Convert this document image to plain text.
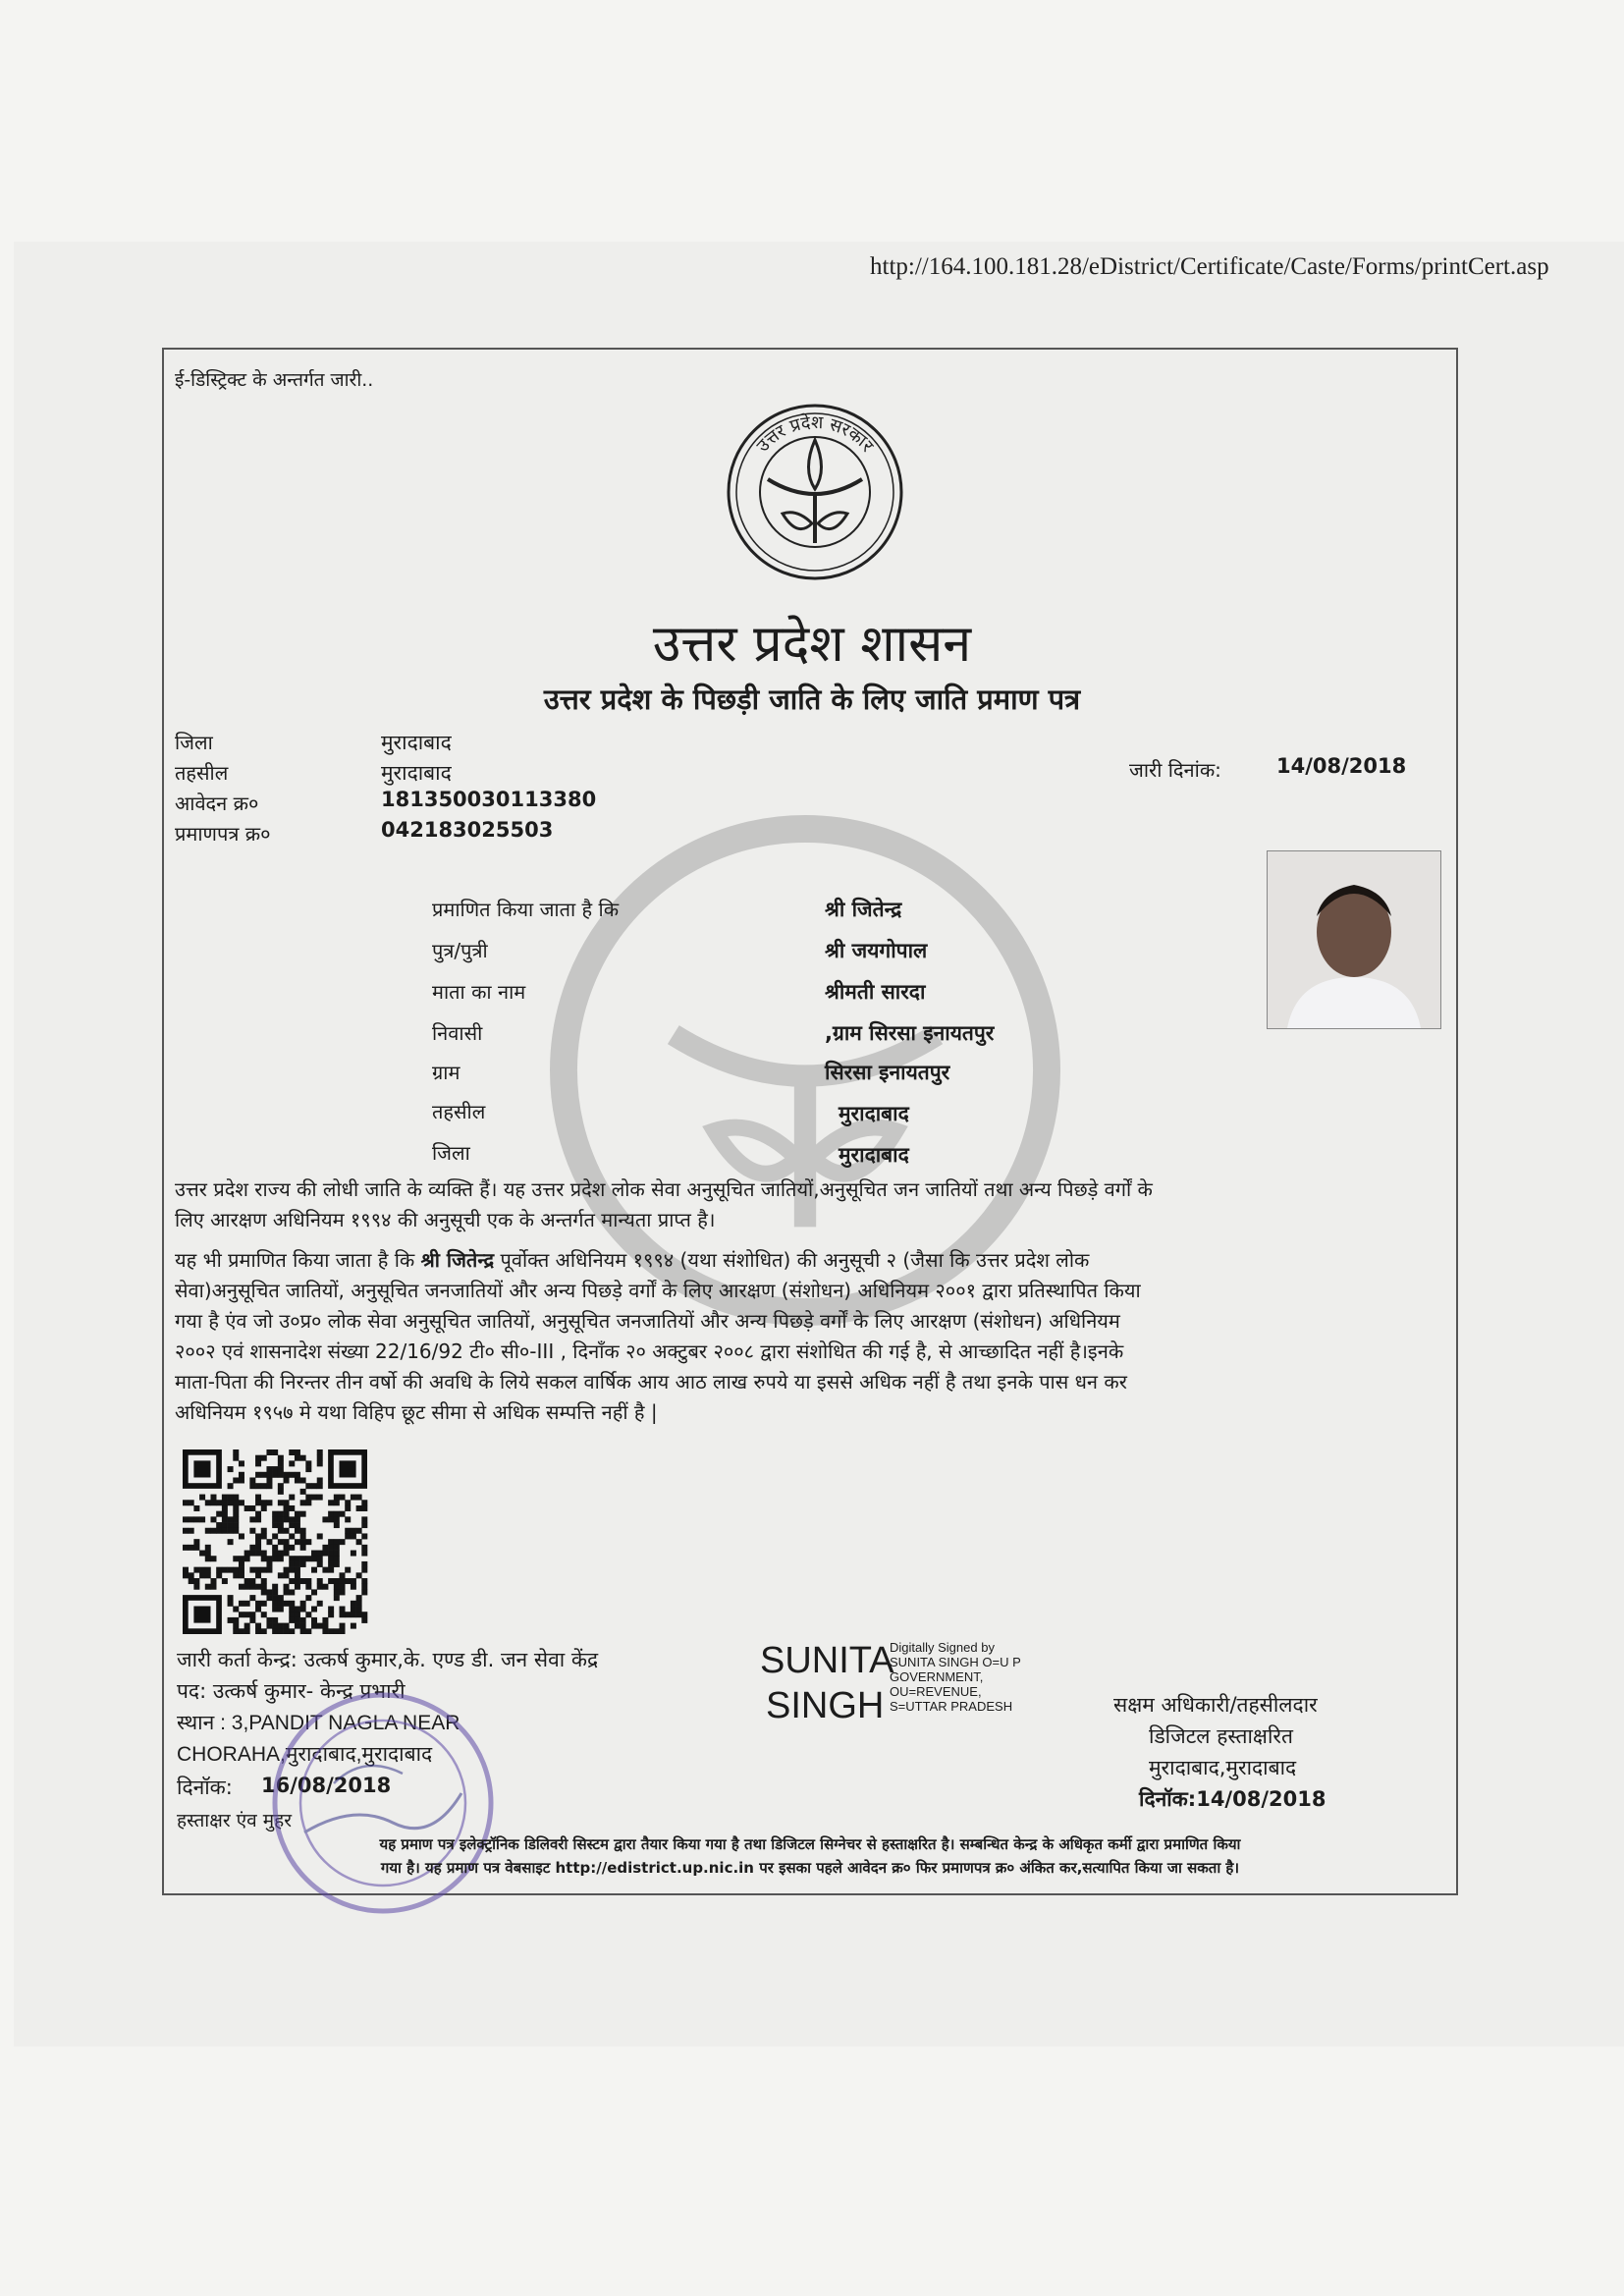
http://164.100.181.28/eDistrict/Certificate/Caste/Forms/printCert.asp
ई-डिस्ट्रिक्ट के अन्तर्गत जारी..
उत्तर प्रदेश सरकार
उत्तर प्रदेश शासन
उत्तर प्रदेश के पिछड़ी जाति के लिए जाति प्रमाण पत्र
जिला	मुरादाबाद
तहसील	मुरादाबाद
आवेदन क्र०	181350030113380
प्रमाणपत्र क्र०	042183025503
जारी दिनांक:	14/08/2018
प्रमाणित किया जाता है कि	श्री जितेन्द्र
पुत्र/पुत्री	श्री जयगोपाल
माता का नाम	श्रीमती सारदा
निवासी	,ग्राम सिरसा इनायतपुर
ग्राम	सिरसा इनायतपुर
तहसील	मुरादाबाद
जिला	मुरादाबाद
उत्तर प्रदेश राज्य की लोधी जाति के व्यक्ति हैं। यह उत्तर प्रदेश लोक सेवा अनुसूचित जातियों,अनुसूचित जन जातियों तथा अन्य पिछड़े वर्गों के
लिए आरक्षण अधिनियम १९९४ की अनुसूची एक के अन्तर्गत मान्यता प्राप्त है।
यह भी प्रमाणित किया जाता है कि श्री जितेन्द्र पूर्वोक्त अधिनियम १९९४ (यथा संशोधित) की अनुसूची २ (जैसा कि उत्तर प्रदेश लोक
सेवा)अनुसूचित जातियों, अनुसूचित जनजातियों और अन्य पिछड़े वर्गों के लिए आरक्षण (संशोधन) अधिनियम २००१ द्वारा प्रतिस्थापित किया
गया है एंव जो उ०प्र० लोक सेवा अनुसूचित जातियों, अनुसूचित जनजातियों और अन्य पिछड़े वर्गों के लिए आरक्षण (संशोधन) अधिनियम
२००२ एवं शासनादेश संख्या 22/16/92 टी० सी०-III , दिनाँक २० अक्टुबर २००८ द्वारा संशोधित की गई है, से आच्छादित नहीं है।इनके
माता-पिता की निरन्तर तीन वर्षो की अवधि के लिये सकल वार्षिक आय आठ लाख रुपये या इससे अधिक नहीं है तथा इनके पास धन कर
अधिनियम १९५७ मे यथा विहिप छूट सीमा से अधिक सम्पत्ति नहीं है |
जारी कर्ता केन्द्र: उत्कर्ष कुमार,के. एण्ड डी. जन सेवा केंद्र
पद: उत्कर्ष कुमार- केन्द्र प्रभारी
स्थान : 3,PANDIT NAGLA NEAR
CHORAHA,मुरादाबाद,मुरादाबाद
दिनॉक: 16/08/2018
हस्ताक्षर एंव मुहर
SUNITA
SINGH
Digitally Signed by
SUNITA SINGH O=U P
GOVERNMENT,
OU=REVENUE,
S=UTTAR PRADESH	सक्षम अधिकारी/तहसीलदार
डिजिटल हस्ताक्षरित
मुरादाबाद,मुरादाबाद
दिनॉक:14/08/2018
यह प्रमाण पत्र इलेक्ट्रॉनिक डिलिवरी सिस्टम द्वारा तैयार किया गया है तथा डिजिटल सिग्नेचर से हस्ताक्षरित है। सम्बन्धित केन्द्र के अधिकृत कर्मी द्वारा प्रमाणित किया
गया है। यह प्रमाण पत्र वेबसाइट http://edistrict.up.nic.in पर इसका पहले आवेदन क्र० फिर प्रमाणपत्र क्र० अंकित कर,सत्यापित किया जा सकता है।
